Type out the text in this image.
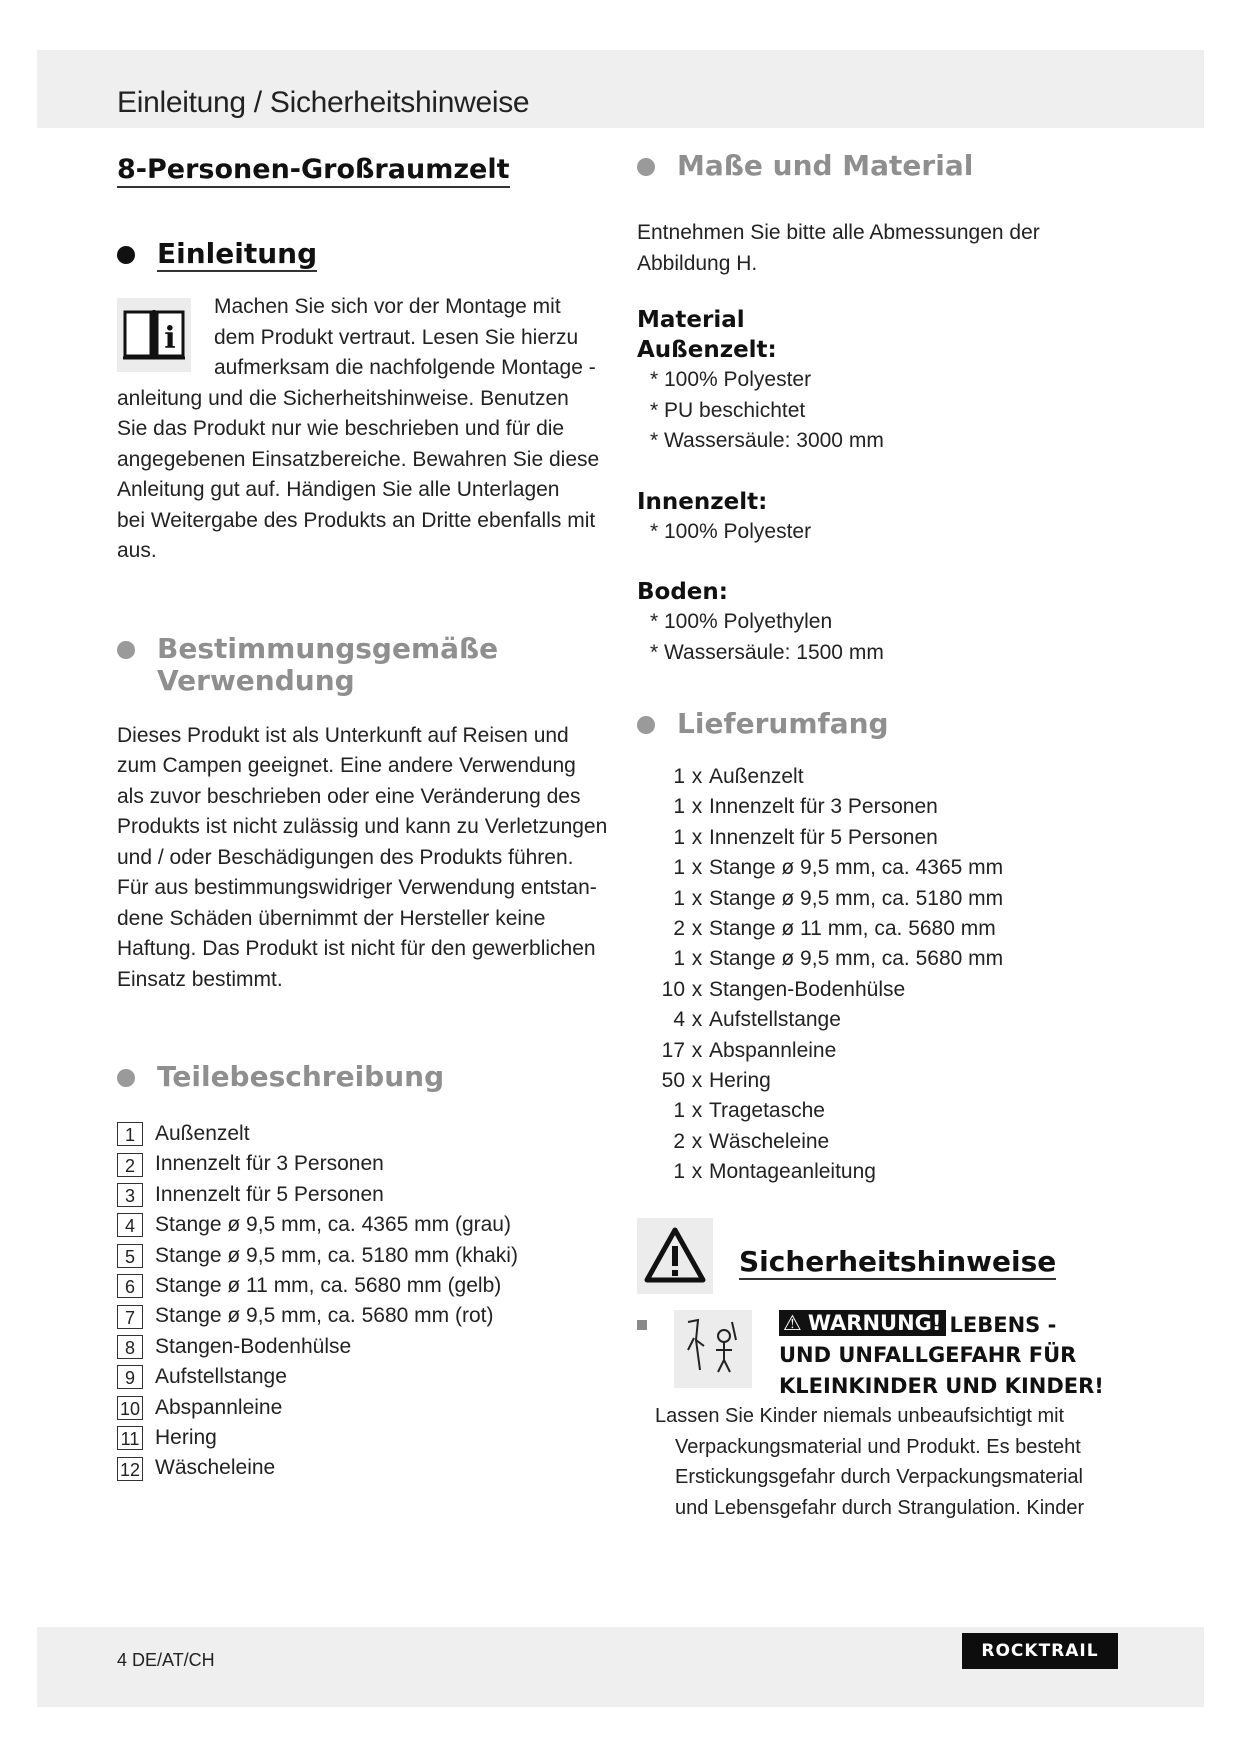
Einleitung / Sicherheitshinweise
8-Personen-Großraumzelt
Einleitung
i
Machen Sie sich vor der Montage mit
dem Produkt vertraut. Lesen Sie hierzu
aufmerksam die nachfolgende Montage -
anleitung und die Sicherheitshinweise. Benutzen
Sie das Produkt nur wie beschrieben und für die
angegebenen Einsatzbereiche. Bewahren Sie diese
Anleitung gut auf. Händigen Sie alle Unterlagen
bei Weitergabe des Produkts an Dritte ebenfalls mit
aus.
Bestimmungsgemäße
Verwendung
Dieses Produkt ist als Unterkunft auf Reisen und
zum Campen geeignet. Eine andere Verwendung
als zuvor beschrieben oder eine Veränderung des
Produkts ist nicht zulässig und kann zu Verletzungen
und / oder Beschädigungen des Produkts führen.
Für aus bestimmungswidriger Verwendung entstan-
dene Schäden übernimmt der Hersteller keine
Haftung. Das Produkt ist nicht für den gewerblichen
Einsatz bestimmt.
Teilebeschreibung
1 Außenzelt
2 Innenzelt für 3 Personen
3 Innenzelt für 5 Personen
4 Stange ø 9,5 mm, ca. 4365 mm (grau)
5 Stange ø 9,5 mm, ca. 5180 mm (khaki)
6 Stange ø 11 mm, ca. 5680 mm (gelb)
7 Stange ø 9,5 mm, ca. 5680 mm (rot)
8 Stangen-Bodenhülse
9 Aufstellstange
10 Abspannleine
11 Hering
12 Wäscheleine
Maße und Material
Entnehmen Sie bitte alle Abmessungen der
Abbildung H.
Material
Außenzelt:
* 100% Polyester
* PU beschichtet
* Wassersäule: 3000 mm
Innenzelt:
* 100% Polyester
Boden:
* 100% Polyethylen
* Wassersäule: 1500 mm
Lieferumfang
1 x Außenzelt
1 x Innenzelt für 3 Personen
1 x Innenzelt für 5 Personen
1 x Stange ø 9,5 mm, ca. 4365 mm
1 x Stange ø 9,5 mm, ca. 5180 mm
2 x Stange ø 11 mm, ca. 5680 mm
1 x Stange ø 9,5 mm, ca. 5680 mm
10 x Stangen-Bodenhülse
4 x Aufstellstange
17 x Abspannleine
50 x Hering
1 x Tragetasche
2 x Wäscheleine
1 x Montageanleitung
Sicherheitshinweise
⚠ WARNUNG! LEBENS -
UND UNFALLGEFAHR FÜR
KLEINKINDER UND KINDER!
Lassen Sie Kinder niemals unbeaufsichtigt mit
Verpackungsmaterial und Produkt. Es besteht
Erstickungsgefahr durch Verpackungsmaterial
und Lebensgefahr durch Strangulation. Kinder
4 DE/AT/CH	ROCKTRAIL
